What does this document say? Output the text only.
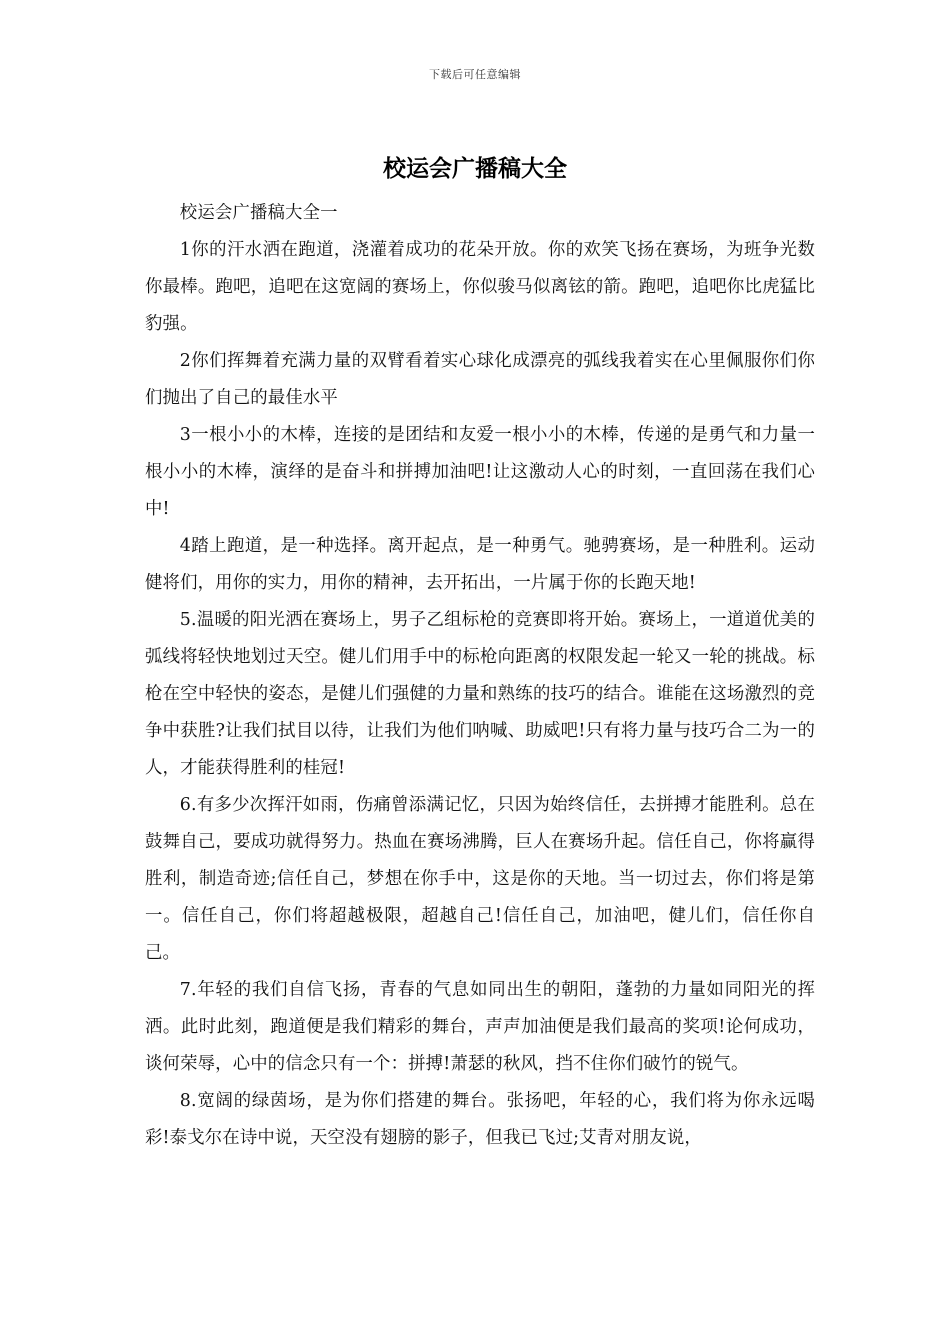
下载后可任意编辑
校运会广播稿大全

校运会广播稿大全一

1你的汗水洒在跑道，浇灌着成功的花朵开放。你的欢笑飞扬在赛场，为班争光数你最棒。跑吧，追吧在这宽阔的赛场上，你似骏马似离铉的箭。跑吧，追吧你比虎猛比豹强。

2你们挥舞着充满力量的双臂看着实心球化成漂亮的弧线我着实在心里佩服你们你们抛出了自己的最佳水平

3一根小小的木棒，连接的是团结和友爱一根小小的木棒，传递的是勇气和力量一根小小的木棒，演绎的是奋斗和拼搏加油吧!让这激动人心的时刻，一直回荡在我们心中!

4踏上跑道，是一种选择。离开起点，是一种勇气。驰骋赛场，是一种胜利。运动健将们，用你的实力，用你的精神，去开拓出，一片属于你的长跑天地!

5.温暖的阳光洒在赛场上，男子乙组标枪的竞赛即将开始。赛场上，一道道优美的弧线将轻快地划过天空。健儿们用手中的标枪向距离的权限发起一轮又一轮的挑战。标枪在空中轻快的姿态，是健儿们强健的力量和熟练的技巧的结合。谁能在这场激烈的竞争中获胜?让我们拭目以待，让我们为他们呐喊、助威吧!只有将力量与技巧合二为一的人，才能获得胜利的桂冠!

6.有多少次挥汗如雨，伤痛曾添满记忆，只因为始终信任，去拼搏才能胜利。总在鼓舞自己，要成功就得努力。热血在赛场沸腾，巨人在赛场升起。信任自己，你将赢得胜利，制造奇迹;信任自己，梦想在你手中，这是你的天地。当一切过去，你们将是第一。信任自己，你们将超越极限，超越自己!信任自己，加油吧，健儿们，信任你自己。

7.年轻的我们自信飞扬，青春的气息如同出生的朝阳，蓬勃的力量如同阳光的挥洒。此时此刻，跑道便是我们精彩的舞台，声声加油便是我们最高的奖项!论何成功，谈何荣辱，心中的信念只有一个：拼搏!萧瑟的秋风，挡不住你们破竹的锐气。

8.宽阔的绿茵场，是为你们搭建的舞台。张扬吧，年轻的心，我们将为你永远喝彩!泰戈尔在诗中说，天空没有翅膀的影子，但我已飞过;艾青对朋友说，
